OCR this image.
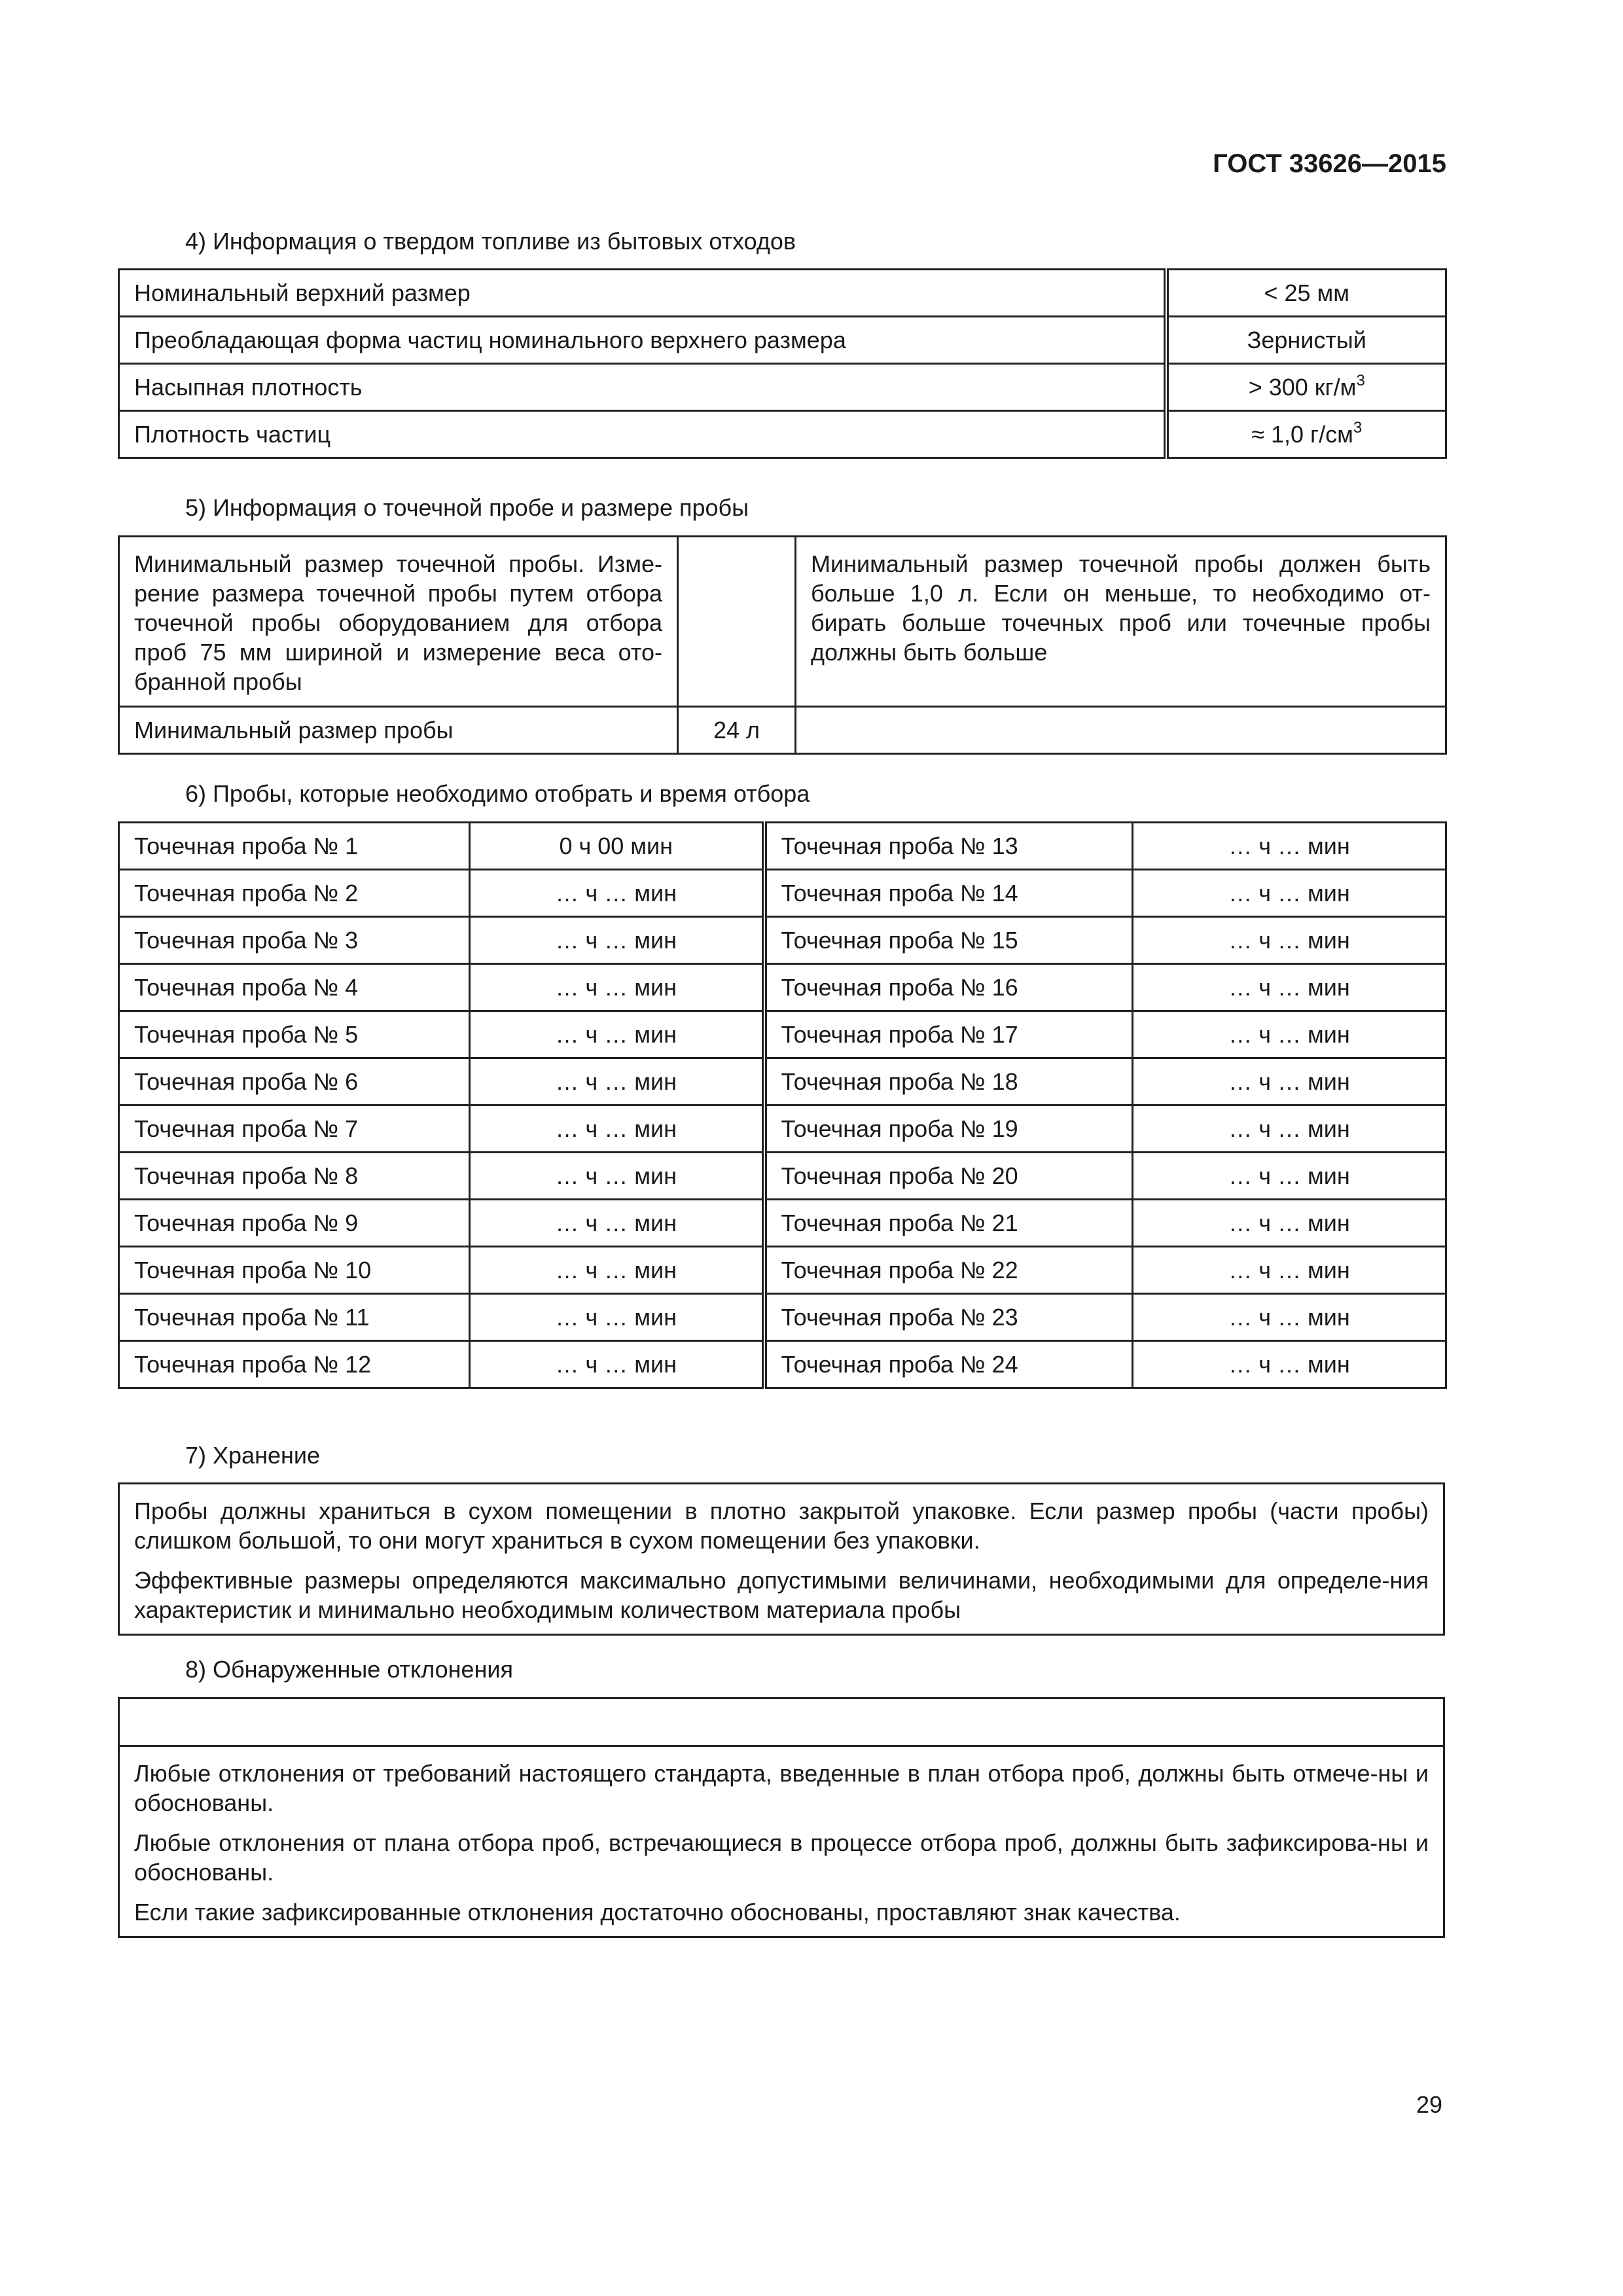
ГОСТ 33626—2015

4) Информация о твердом топливе из бытовых отходов

Номинальный верхний размер	< 25 мм
Преобладающая форма частиц номинального верхнего размера	Зернистый
Насыпная плотность	> 300 $кг/м^3$
Плотность частиц	≈ 1,0 $г/см^3$

5) Информация о точечной пробе и размере пробы

Минимальный размер точечной пробы. Изме-рение размера точечной пробы путем отбора точечной пробы оборудованием для отбора проб 75 мм шириной и измерение веса ото-бранной пробы		Минимальный размер точечной пробы должен быть больше 1,0 л. Если он меньше, то необходимо от-бирать больше точечных проб или точечные пробы должны быть больше
Минимальный размер пробы	24 л	

6) Пробы, которые необходимо отобрать и время отбора

Точечная проба № 1	0 ч 00 мин	Точечная проба № 13	… ч … мин
Точечная проба № 2	… ч … мин	Точечная проба № 14	… ч … мин
Точечная проба № 3	… ч … мин	Точечная проба № 15	… ч … мин
Точечная проба № 4	… ч … мин	Точечная проба № 16	… ч … мин
Точечная проба № 5	… ч … мин	Точечная проба № 17	… ч … мин
Точечная проба № 6	… ч … мин	Точечная проба № 18	… ч … мин
Точечная проба № 7	… ч … мин	Точечная проба № 19	… ч … мин
Точечная проба № 8	… ч … мин	Точечная проба № 20	… ч … мин
Точечная проба № 9	… ч … мин	Точечная проба № 21	… ч … мин
Точечная проба № 10	… ч … мин	Точечная проба № 22	… ч … мин
Точечная проба № 11	… ч … мин	Точечная проба № 23	… ч … мин
Точечная проба № 12	… ч … мин	Точечная проба № 24	… ч … мин

7) Хранение

Пробы должны храниться в сухом помещении в плотно закрытой упаковке. Если размер пробы (части пробы) слишком большой, то они могут храниться в сухом помещении без упаковки.

Эффективные размеры определяются максимально допустимыми величинами, необходимыми для определе-ния характеристик и минимально необходимым количеством материала пробы

8) Обнаруженные отклонения

Любые отклонения от требований настоящего стандарта, введенные в план отбора проб, должны быть отмече-ны и обоснованы.

Любые отклонения от плана отбора проб, встречающиеся в процессе отбора проб, должны быть зафиксирова-ны и обоснованы.

Если такие зафиксированные отклонения достаточно обоснованы, проставляют знак качества.

29
